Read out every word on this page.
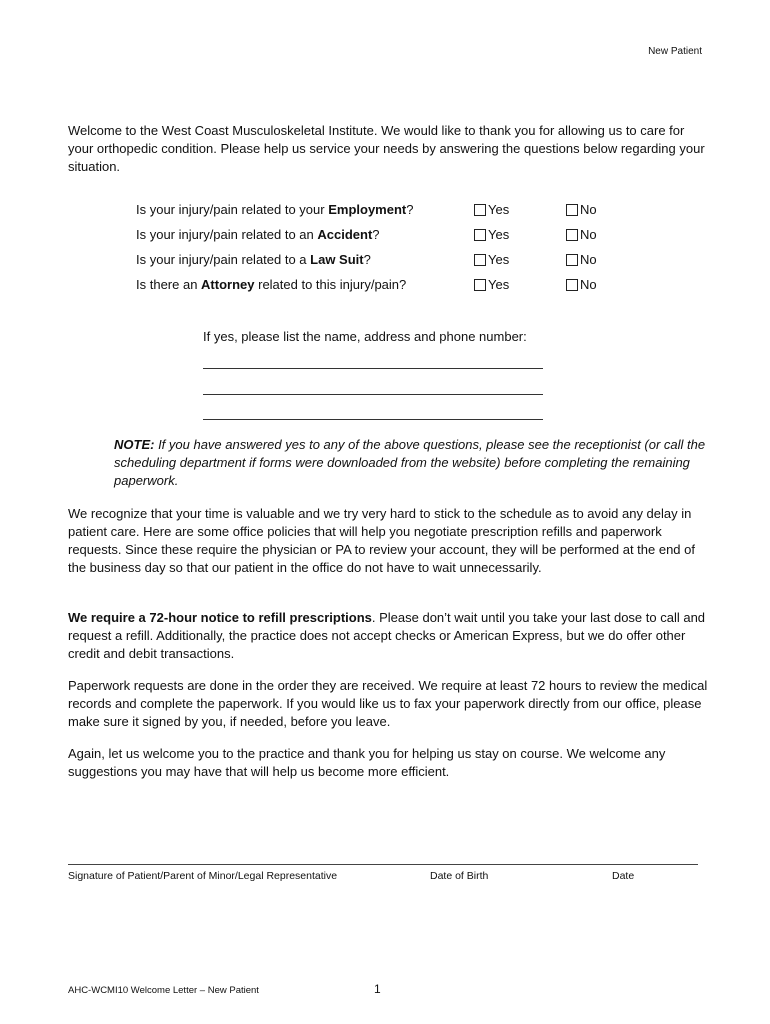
New Patient
Welcome to the West Coast Musculoskeletal Institute. We would like to thank you for allowing us to care for your orthopedic condition. Please help us service your needs by answering the questions below regarding your situation.
Is your injury/pain related to your Employment?	Yes	No
Is your injury/pain related to an Accident?	Yes	No
Is your injury/pain related to a Law Suit?	Yes	No
Is there an Attorney related to this injury/pain?	Yes	No
If yes, please list the name, address and phone number:
NOTE: If you have answered yes to any of the above questions, please see the receptionist (or call the scheduling department if forms were downloaded from the website) before completing the remaining paperwork.
We recognize that your time is valuable and we try very hard to stick to the schedule as to avoid any delay in patient care. Here are some office policies that will help you negotiate prescription refills and paperwork requests. Since these require the physician or PA to review your account, they will be performed at the end of the business day so that our patient in the office do not have to wait unnecessarily.
We require a 72-hour notice to refill prescriptions. Please don’t wait until you take your last dose to call and request a refill. Additionally, the practice does not accept checks or American Express, but we do offer other credit and debit transactions.
Paperwork requests are done in the order they are received. We require at least 72 hours to review the medical records and complete the paperwork. If you would like us to fax your paperwork directly from our office, please make sure it signed by you, if needed, before you leave.
Again, let us welcome you to the practice and thank you for helping us stay on course. We welcome any suggestions you may have that will help us become more efficient.
Signature of Patient/Parent of Minor/Legal Representative	Date of Birth	Date
AHC-WCMI10 Welcome Letter – New Patient	1
